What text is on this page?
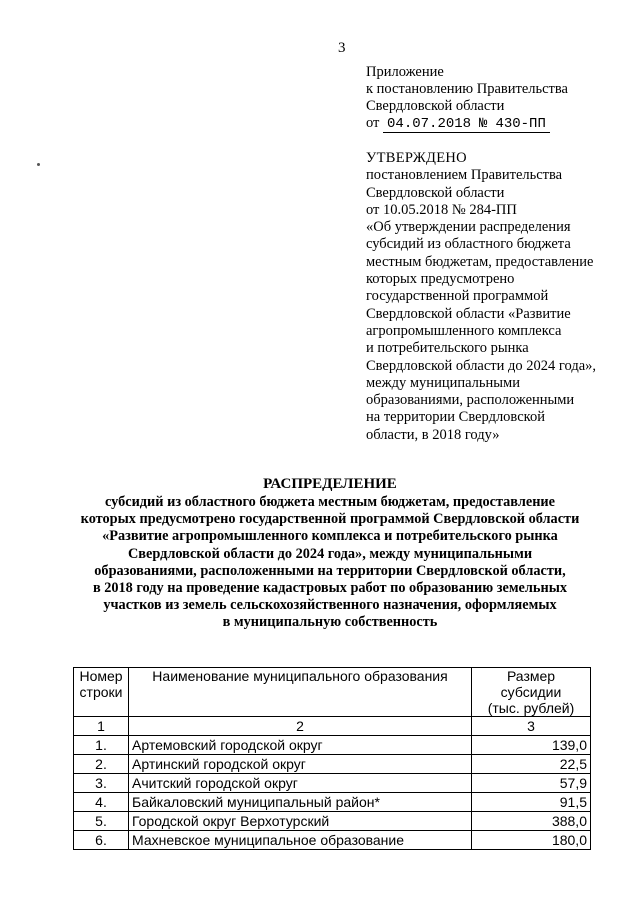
3
Приложение
к постановлению Правительства
Свердловской области
от 04.07.2018 № 430-ПП
УТВЕРЖДЕНО
постановлением Правительства
Свердловской области
от 10.05.2018 № 284-ПП
«Об утверждении распределения
субсидий из областного бюджета
местным бюджетам, предоставление
которых предусмотрено
государственной программой
Свердловской области «Развитие
агропромышленного комплекса
и потребительского рынка
Свердловской области до 2024 года»,
между муниципальными
образованиями, расположенными
на территории Свердловской
области, в 2018 году»
РАСПРЕДЕЛЕНИЕ
субсидий из областного бюджета местным бюджетам, предоставление
которых предусмотрено государственной программой Свердловской области
«Развитие агропромышленного комплекса и потребительского рынка
Свердловской области до 2024 года», между муниципальными
образованиями, расположенными на территории Свердловской области,
в 2018 году на проведение кадастровых работ по образованию земельных
участков из земель сельскохозяйственного назначения, оформляемых
в муниципальную собственность
Номер
строки	Наименование муниципального образования	Размер субсидии
(тыс. рублей)
1	2	3
1.	Артемовский городской округ	139,0
2.	Артинский городской округ	22,5
3.	Ачитский городской округ	57,9
4.	Байкаловский муниципальный район*	91,5
5.	Городской округ Верхотурский	388,0
6.	Махневское муниципальное образование	180,0
